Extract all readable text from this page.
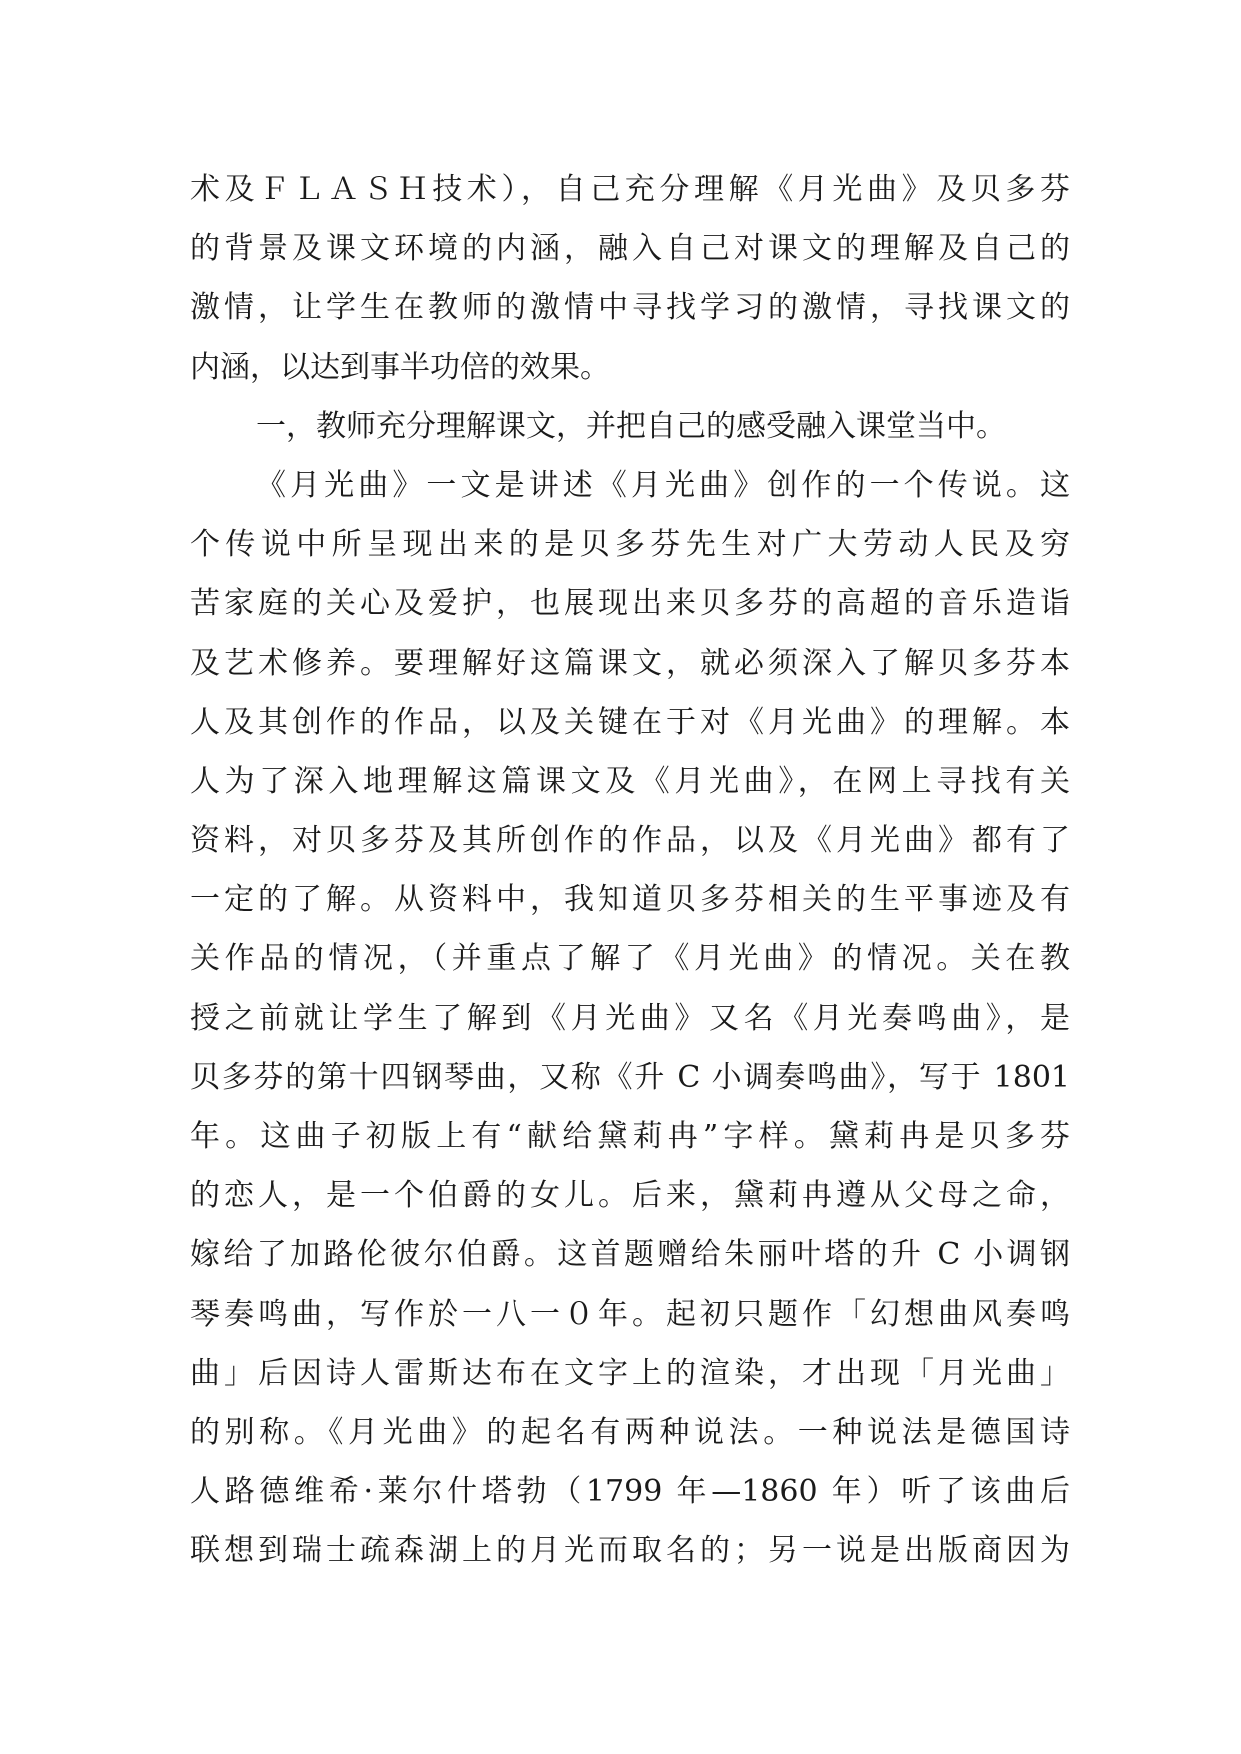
术及ＦＬＡＳＨ技术），自己充分理解《月光曲》及贝多芬
的背景及课文环境的内涵，融入自己对课文的理解及自己的
激情，让学生在教师的激情中寻找学习的激情，寻找课文的
内涵，以达到事半功倍的效果。
一，教师充分理解课文，并把自己的感受融入课堂当中。
《月光曲》一文是讲述《月光曲》创作的一个传说。这
个传说中所呈现出来的是贝多芬先生对广大劳动人民及穷
苦家庭的关心及爱护，也展现出来贝多芬的高超的音乐造诣
及艺术修养。要理解好这篇课文，就必须深入了解贝多芬本
人及其创作的作品，以及关键在于对《月光曲》的理解。本
人为了深入地理解这篇课文及《月光曲》，在网上寻找有关
资料，对贝多芬及其所创作的作品，以及《月光曲》都有了
一定的了解。从资料中，我知道贝多芬相关的生平事迹及有
关作品的情况，（并重点了解了《月光曲》的情况。关在教
授之前就让学生了解到《月光曲》又名《月光奏鸣曲》，是
贝多芬的第十四钢琴曲，又称《升 C 小调奏鸣曲》，写于 1801
年。这曲子初版上有“献给黛莉冉”字样。黛莉冉是贝多芬
的恋人，是一个伯爵的女儿。后来，黛莉冉遵从父母之命，
嫁给了加路伦彼尔伯爵。这首题赠给朱丽叶塔的升 C 小调钢
琴奏鸣曲，写作於一八一０年。起初只题作「幻想曲风奏鸣
曲」后因诗人雷斯达布在文字上的渲染，才出现「月光曲」
的别称。《月光曲》的起名有两种说法。一种说法是德国诗
人路德维希·莱尔什塔勃（1799 年—1860 年）听了该曲后
联想到瑞士疏森湖上的月光而取名的；另一说是出版商因为
